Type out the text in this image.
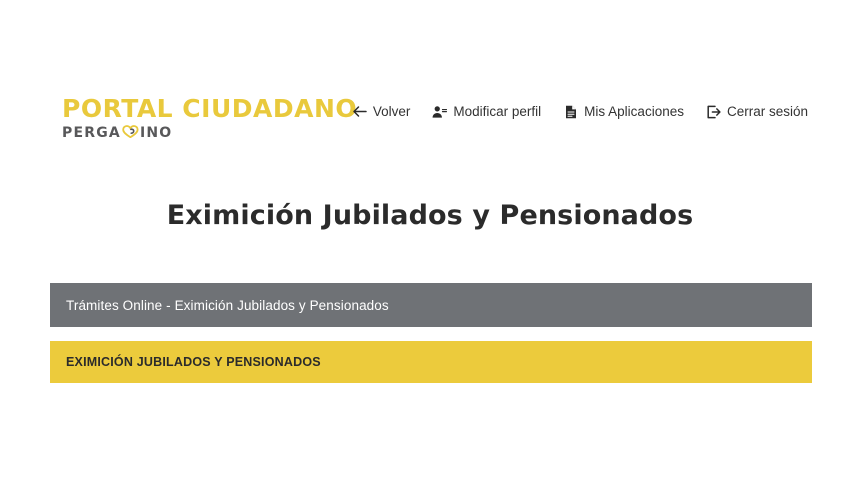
PORTAL CIUDADANO
PERGA INO
Volver	Modificar perfil	Mis Aplicaciones	Cerrar sesión
Eximición Jubilados y Pensionados
Trámites Online - Eximición Jubilados y Pensionados
EXIMICIÓN JUBILADOS Y PENSIONADOS
